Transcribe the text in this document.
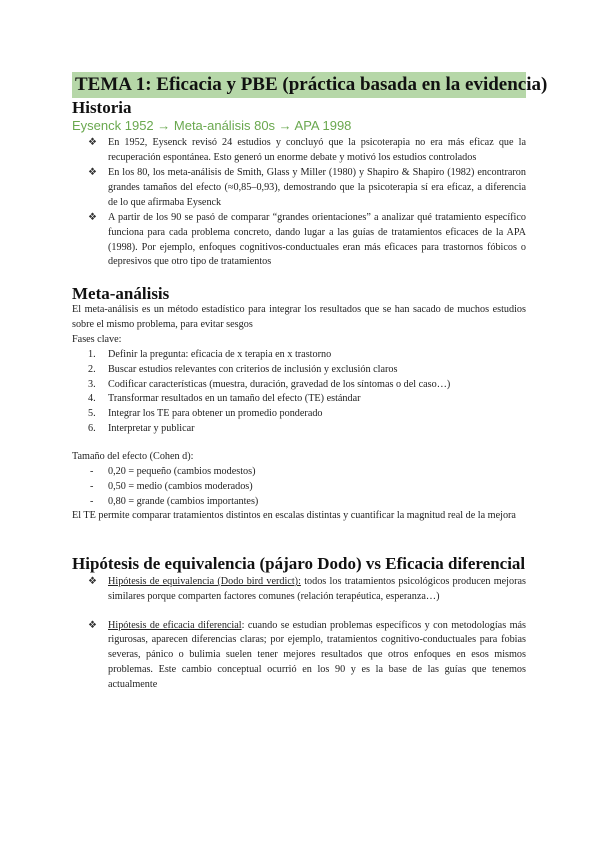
TEMA 1: Eficacia y PBE (práctica basada en la evidencia)
Historia
Eysenck 1952 → Meta-análisis 80s → APA 1998
❖ En 1952, Eysenck revisó 24 estudios y concluyó que la psicoterapia no era más eficaz que la recuperación espontánea. Esto generó un enorme debate y motivó los estudios controlados
❖ En los 80, los meta-análisis de Smith, Glass y Miller (1980) y Shapiro & Shapiro (1982) encontraron grandes tamaños del efecto (≈0,85–0,93), demostrando que la psicoterapia sí era eficaz, a diferencia de lo que afirmaba Eysenck
❖ A partir de los 90 se pasó de comparar “grandes orientaciones” a analizar qué tratamiento específico funciona para cada problema concreto, dando lugar a las guías de tratamientos eficaces de la APA (1998). Por ejemplo, enfoques cognitivos-conductuales eran más eficaces para trastornos fóbicos o depresivos que otro tipo de tratamientos
Meta-análisis

El meta-análisis es un método estadístico para integrar los resultados que se han sacado de muchos estudios sobre el mismo problema, para evitar sesgos

Fases clave:

1. Definir la pregunta: eficacia de x terapia en x trastorno
2. Buscar estudios relevantes con criterios de inclusión y exclusión claros
3. Codificar características (muestra, duración, gravedad de los síntomas o del caso…)
4. Transformar resultados en un tamaño del efecto (TE) estándar
5. Integrar los TE para obtener un promedio ponderado
6. Interpretar y publicar

Tamaño del efecto (Cohen d):

- 0,20 = pequeño (cambios modestos)
- 0,50 = medio (cambios moderados)
- 0,80 = grande (cambios importantes)

El TE permite comparar tratamientos distintos en escalas distintas y cuantificar la magnitud real de la mejora

Hipótesis de equivalencia (pájaro Dodo) vs Eficacia diferencial
❖ Hipótesis de equivalencia (Dodo bird verdict): todos los tratamientos psicológicos producen mejoras similares porque comparten factores comunes (relación terapéutica, esperanza…)
❖ Hipótesis de eficacia diferencial: cuando se estudian problemas específicos y con metodologías más rigurosas, aparecen diferencias claras; por ejemplo, tratamientos cognitivo-conductuales para fobias severas, pánico o bulimia suelen tener mejores resultados que otros enfoques en esos mismos problemas. Este cambio conceptual ocurrió en los 90 y es la base de las guías que tenemos actualmente
